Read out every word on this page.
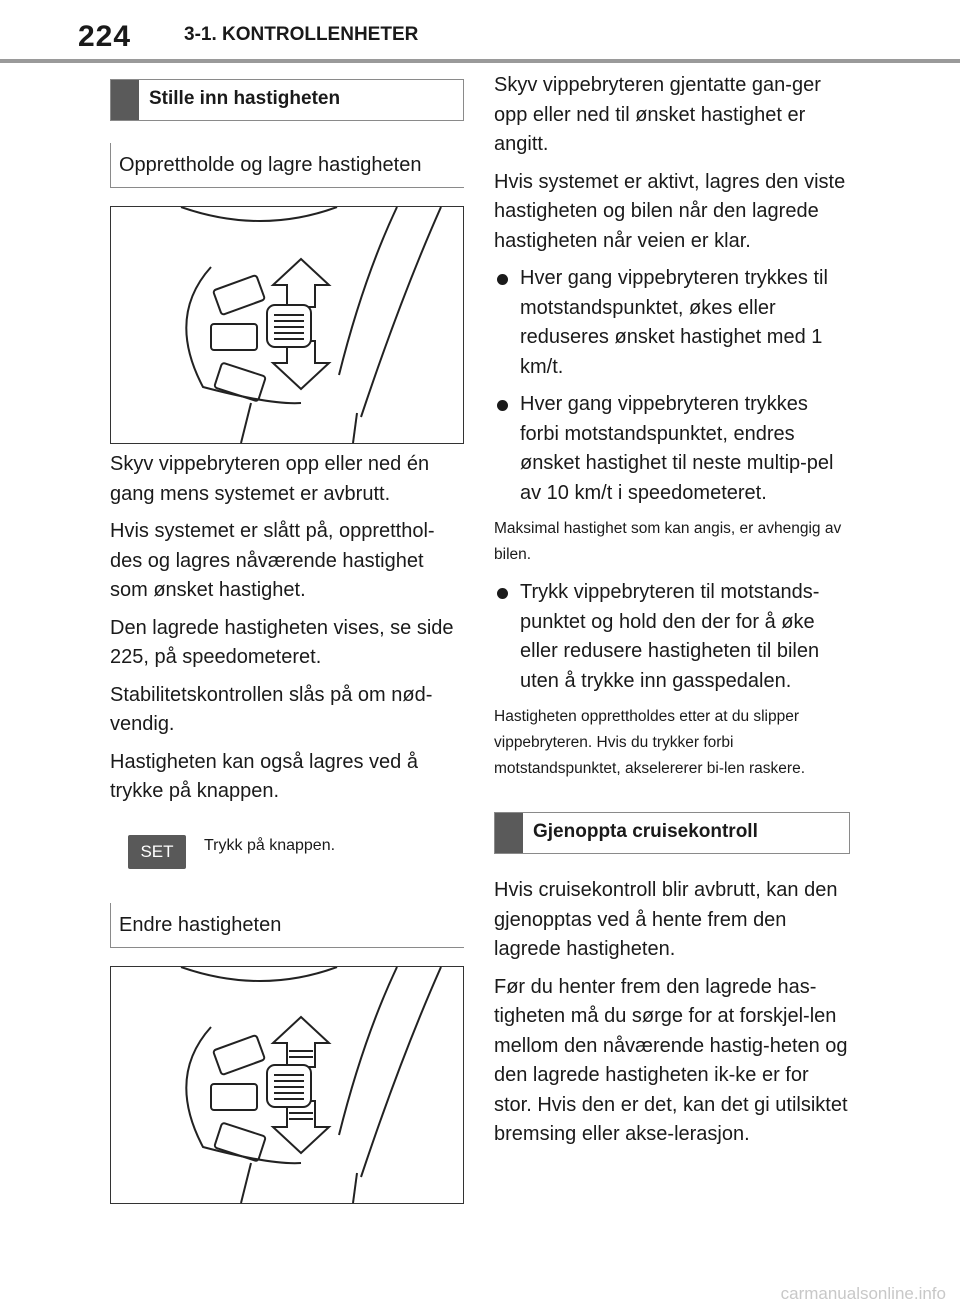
224	3-1. KONTROLLENHETER
Stille inn hastigheten
Opprettholde og lagre hastigheten

Skyv vippebryteren opp eller ned én gang mens systemet er avbrutt.

Hvis systemet er slått på, oppretthol-des og lagres nåværende hastighet som ønsket hastighet.

Den lagrede hastigheten vises, se side 225, på speedometeret.

Stabilitetskontrollen slås på om nød-vendig.

Hastigheten kan også lagres ved å trykke på knappen.

SET	Trykk på knappen.
Endre hastigheten

Skyv vippebryteren gjentatte gan-ger opp eller ned til ønsket hastighet er angitt.

Hvis systemet er aktivt, lagres den viste hastigheten og bilen når den lagrede hastigheten når veien er klar.

Hver gang vippebryteren trykkes til motstandspunktet, økes eller reduseres ønsket hastighet med 1 km/t.
Hver gang vippebryteren trykkes forbi motstandspunktet, endres ønsket hastighet til neste multip-pel av 10 km/t i speedometeret.

Maksimal hastighet som kan angis, er avhengig av bilen.

Trykk vippebryteren til motstands-punktet og hold den der for å øke eller redusere hastigheten til bilen uten å trykke inn gasspedalen.

Hastigheten opprettholdes etter at du slipper vippebryteren. Hvis du trykker forbi motstandspunktet, akselererer bi-len raskere.

Gjenoppta cruisekontroll

Hvis cruisekontroll blir avbrutt, kan den gjenopptas ved å hente frem den lagrede hastigheten.

Før du henter frem den lagrede has-tigheten må du sørge for at forskjel-len mellom den nåværende hastig-heten og den lagrede hastigheten ik-ke er for stor. Hvis den er det, kan det gi utilsiktet bremsing eller akse-lerasjon.

carmanualsonline.info
